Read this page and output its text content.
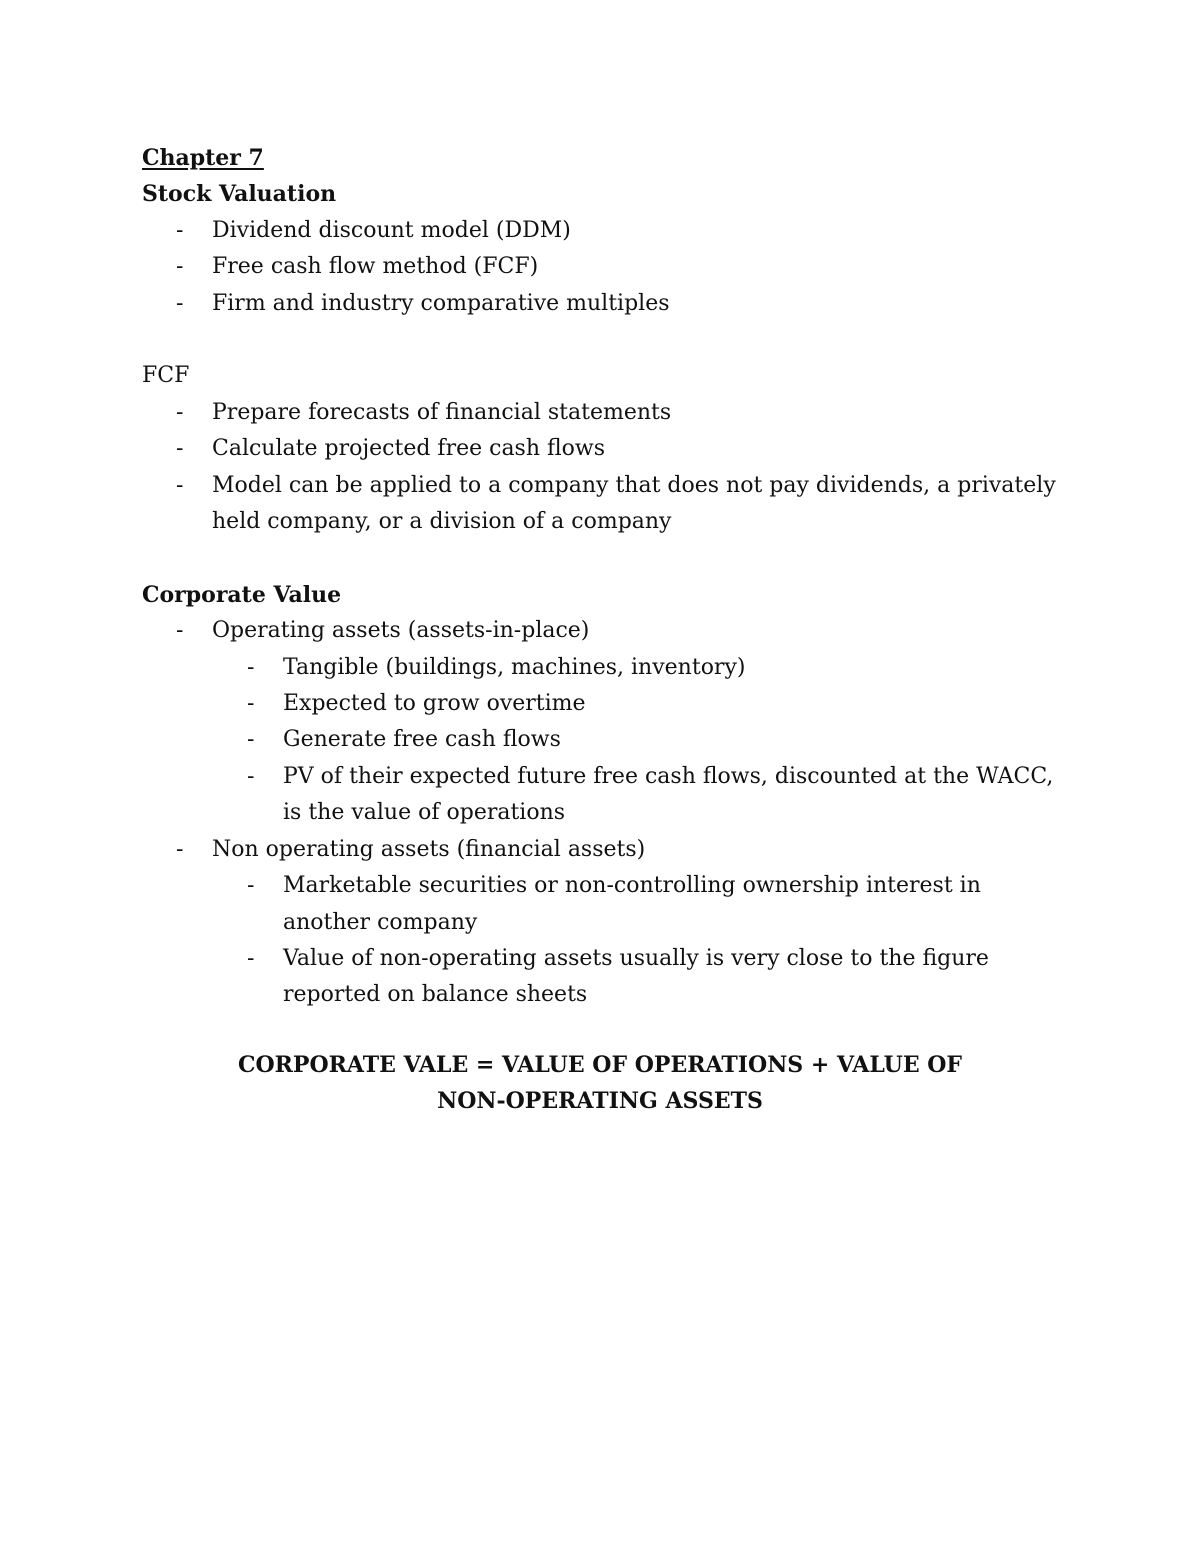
Chapter 7
Stock Valuation
- Dividend discount model (DDM)
- Free cash flow method (FCF)
- Firm and industry comparative multiples
FCF
- Prepare forecasts of financial statements
- Calculate projected free cash flows
- Model can be applied to a company that does not pay dividends, a privately held company, or a division of a company
Corporate Value
- Operating assets (assets-in-place)
- Tangible (buildings, machines, inventory)
- Expected to grow overtime
- Generate free cash flows
- PV of their expected future free cash flows, discounted at the WACC, is the value of operations
- Non operating assets (financial assets)
- Marketable securities or non-controlling ownership interest in another company
- Value of non-operating assets usually is very close to the figure reported on balance sheets
CORPORATE VALE = VALUE OF OPERATIONS + VALUE OF
NON-OPERATING ASSETS
